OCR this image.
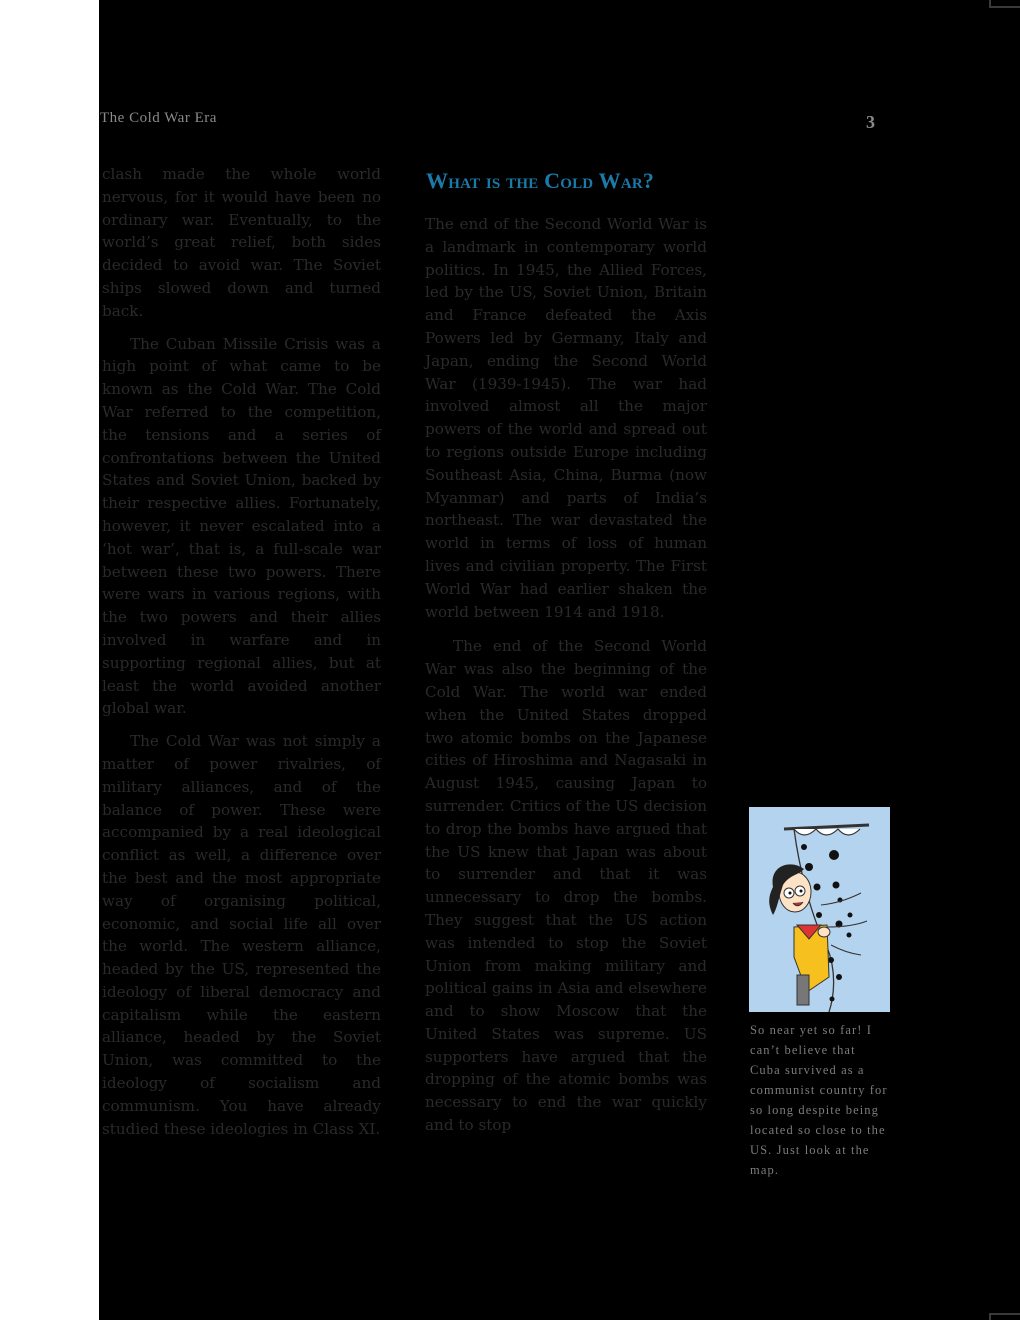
The Cold War Era	3

clash made the whole world nervous, for it would have been no ordinary war. Eventually, to the world’s great relief, both sides decided to avoid war. The Soviet ships slowed down and turned back.

The Cuban Missile Crisis was a high point of what came to be known as the Cold War. The Cold War referred to the competition, the tensions and a series of confrontations between the United States and Soviet Union, backed by their respective allies. Fortunately, however, it never escalated into a ‘hot war’, that is, a full-scale war between these two powers. There were wars in various regions, with the two powers and their allies involved in warfare and in supporting regional allies, but at least the world avoided another global war.

The Cold War was not simply a matter of power rivalries, of military alliances, and of the balance of power. These were accompanied by a real ideological conflict as well, a difference over the best and the most appropriate way of organising political, economic, and social life all over the world. The western alliance, headed by the US, represented the ideology of liberal democracy and capitalism while the eastern alliance, headed by the Soviet Union, was committed to the ideology of socialism and communism. You have already studied these ideologies in Class XI.

What is the Cold War?

The end of the Second World War is a landmark in contemporary world politics. In 1945, the Allied Forces, led by the US, Soviet Union, Britain and France defeated the Axis Powers led by Germany, Italy and Japan, ending the Second World War (1939-1945). The war had involved almost all the major powers of the world and spread out to regions outside Europe including Southeast Asia, China, Burma (now Myanmar) and parts of India’s northeast. The war devastated the world in terms of loss of human lives and civilian property. The First World War had earlier shaken the world between 1914 and 1918.

The end of the Second World War was also the beginning of the Cold War. The world war ended when the United States dropped two atomic bombs on the Japanese cities of Hiroshima and Nagasaki in August 1945, causing Japan to surrender. Critics of the US decision to drop the bombs have argued that the US knew that Japan was about to surrender and that it was unnecessary to drop the bombs. They suggest that the US action was intended to stop the Soviet Union from making military and political gains in Asia and elsewhere and to show Moscow that the United States was supreme. US supporters have argued that the dropping of the atomic bombs was necessary to end the war quickly and to stop

So near yet so far! I can’t believe that Cuba survived as a communist country for so long despite being located so close to the US. Just look at the map.
